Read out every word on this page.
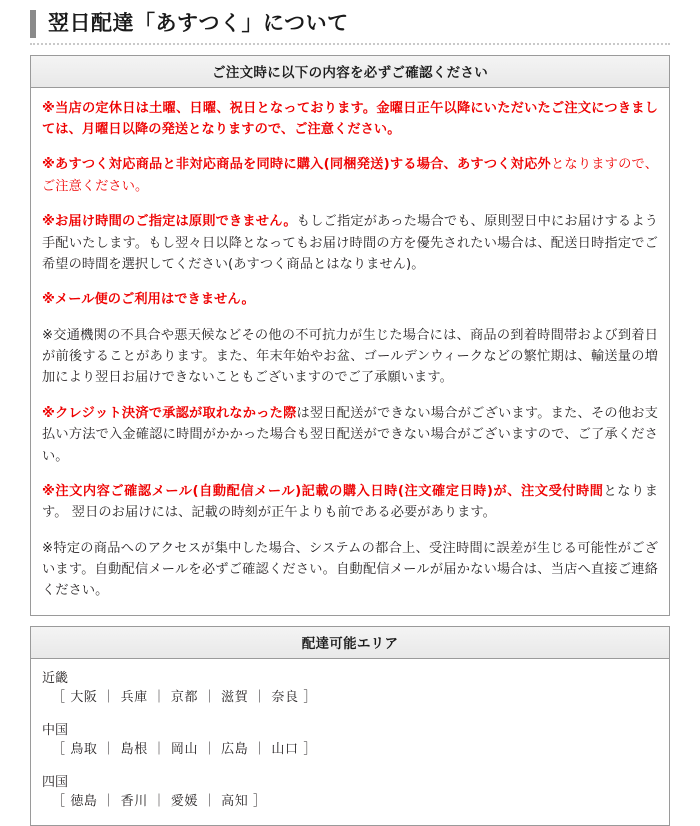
翌日配達「あすつく」について
ご注文時に以下の内容を必ずご確認ください

※当店の定休日は土曜、日曜、祝日となっております。金曜日正午以降にいただいたご注文につきましては、月曜日以降の発送となりますので、ご注意ください。

※あすつく対応商品と非対応商品を同時に購入(同梱発送)する場合、あすつく対応外となりますので、ご注意ください。

※お届け時間のご指定は原則できません。もしご指定があった場合でも、原則翌日中にお届けするよう手配いたします。もし翌々日以降となってもお届け時間の方を優先されたい場合は、配送日時指定でご希望の時間を選択してください(あすつく商品とはなりません)。

※メール便のご利用はできません。

※交通機関の不具合や悪天候などその他の不可抗力が生じた場合には、商品の到着時間帯および到着日が前後することがあります。また、年末年始やお盆、ゴールデンウィークなどの繁忙期は、輸送量の増加により翌日お届けできないこともございますのでご了承願います。

※クレジット決済で承認が取れなかった際は翌日配送ができない場合がございます。また、その他お支払い方法で入金確認に時間がかかった場合も翌日配送ができない場合がございますので、ご了承ください。

※注文内容ご確認メール(自動配信メール)記載の購入日時(注文確定日時)が、注文受付時間となります。 翌日のお届けには、記載の時刻が正午よりも前である必要があります。

※特定の商品へのアクセスが集中した場合、システムの都合上、受注時間に誤差が生じる可能性がございます。自動配信メールを必ずご確認ください。自動配信メールが届かない場合は、当店へ直接ご連絡ください。

配達可能エリア
近畿
［ 大阪 ｜ 兵庫 ｜ 京都 ｜ 滋賀 ｜ 奈良 ］
中国
［ 鳥取 ｜ 島根 ｜ 岡山 ｜ 広島 ｜ 山口 ］
四国
［ 徳島 ｜ 香川 ｜ 愛媛 ｜ 高知 ］
